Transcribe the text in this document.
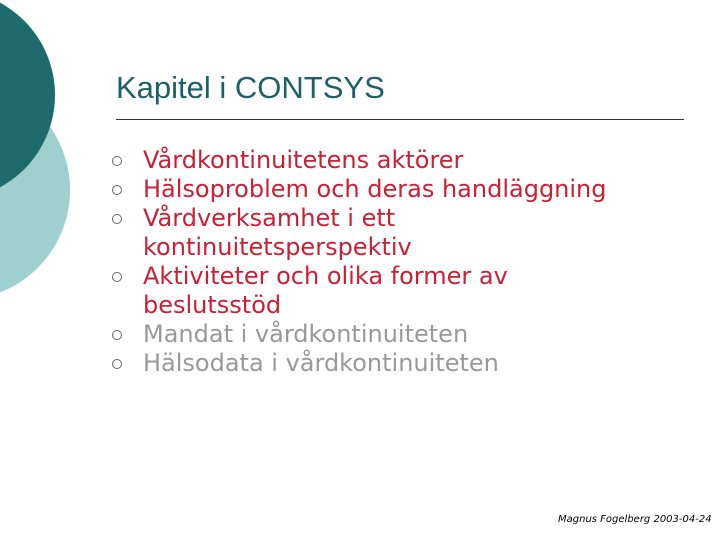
Kapitel i CONTSYS
Vårdkontinuitetens aktörer
Hälsoproblem och deras handläggning
Vårdverksamhet i ett kontinuitetsperspektiv
Aktiviteter och olika former av beslutsstöd
Mandat i vårdkontinuiteten
Hälsodata i vårdkontinuiteten
Magnus Fogelberg 2003-04-24
